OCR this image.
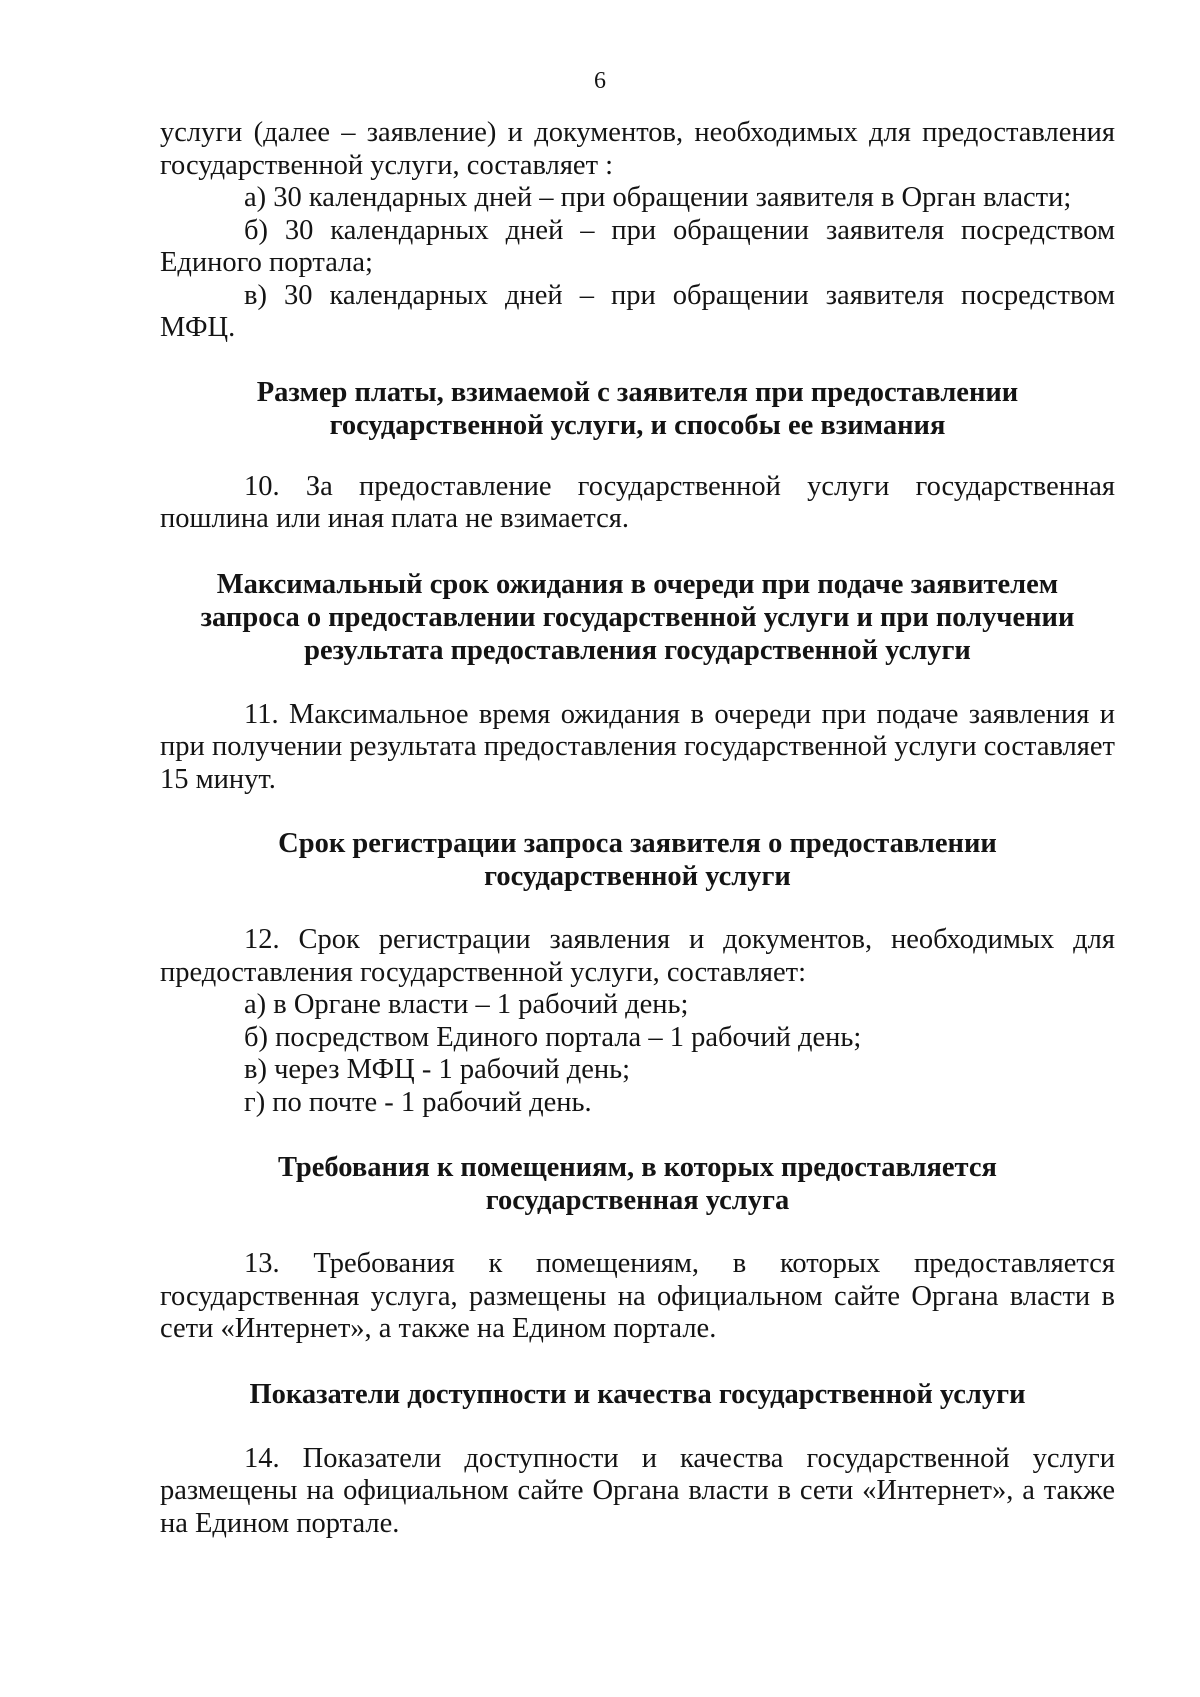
6

услуги (далее – заявление) и документов, необходимых для предоставления государственной услуги, составляет :

а) 30 календарных дней – при обращении заявителя в Орган власти;

б) 30 календарных дней – при обращении заявителя посредством Единого портала;

в) 30 календарных дней – при обращении заявителя посредством МФЦ.

Размер платы, взимаемой с заявителя при предоставлении
государственной услуги, и способы ее взимания

10. За предоставление государственной услуги государственная пошлина или иная плата не взимается.

Максимальный срок ожидания в очереди при подаче заявителем
запроса о предоставлении государственной услуги и при получении
результата предоставления государственной услуги

11. Максимальное время ожидания в очереди при подаче заявления и при получении результата предоставления государственной услуги составляет 15 минут.

Срок регистрации запроса заявителя о предоставлении
государственной услуги

12. Срок регистрации заявления и документов, необходимых для предоставления государственной услуги, составляет:

а) в Органе власти – 1 рабочий день;

б) посредством Единого портала – 1 рабочий день;

в) через МФЦ - 1 рабочий день;

г) по почте - 1 рабочий день.

Требования к помещениям, в которых предоставляется
государственная услуга

13. Требования к помещениям, в которых предоставляется государственная услуга, размещены на официальном сайте Органа власти в сети «Интернет», а также на Едином портале.

Показатели доступности и качества государственной услуги

14. Показатели доступности и качества государственной услуги размещены на официальном сайте Органа власти в сети «Интернет», а также на Едином портале.
